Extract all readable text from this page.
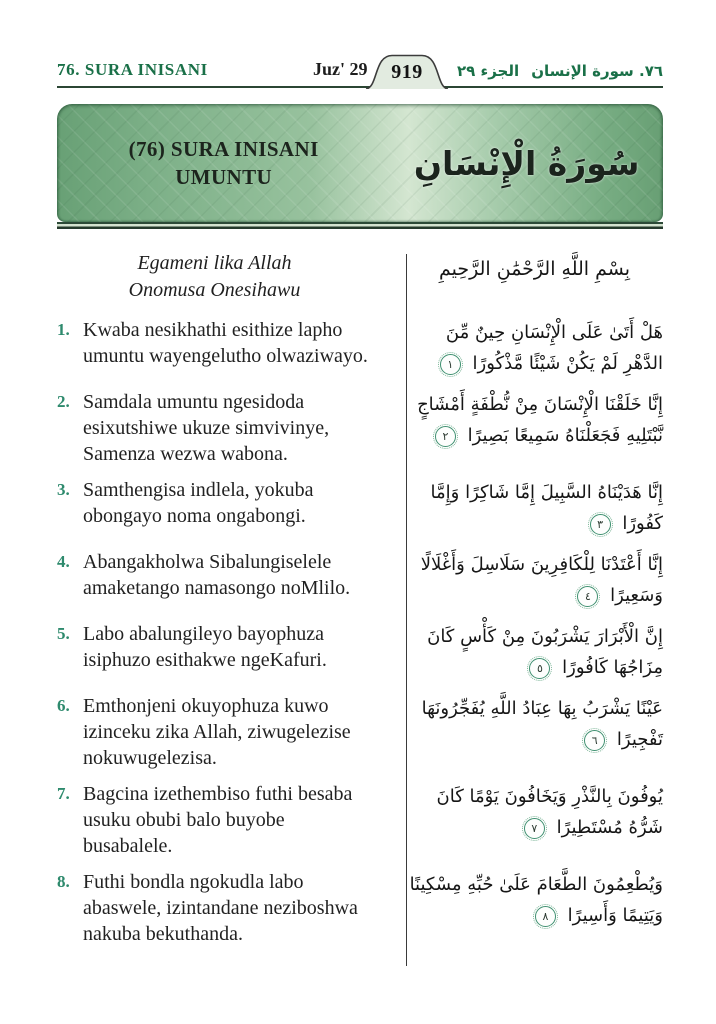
76. SURA INISANI	Juz' 29	919	الجزء ٢٩ ٧٦. سورة الإنسان
(76) SURA INISANI
UMUNTU	سُورَةُ الْإِنْسَانِ
Egameni lika Allah
Onomusa Onesihawu
بِسْمِ اللَّهِ الرَّحْمَٰنِ الرَّحِيمِ
1. Kwaba nesikhathi esithize lapho umuntu wayengelutho olwaziwayo.
هَلْ أَتَىٰ عَلَى الْإِنْسَانِ حِينٌ مِّنَ الدَّهْرِ لَمْ يَكُنْ شَيْئًا مَّذْكُورًا ١
2. Samdala umuntu ngesidoda esixutshiwe ukuze simvivinye, Samenza wezwa wabona.
إِنَّا خَلَقْنَا الْإِنْسَانَ مِنْ نُّطْفَةٍ أَمْشَاجٍ نَّبْتَلِيهِ فَجَعَلْنَاهُ سَمِيعًا بَصِيرًا ٢
3. Samthengisa indlela, yokuba obongayo noma ongabongi.
إِنَّا هَدَيْنَاهُ السَّبِيلَ إِمَّا شَاكِرًا وَإِمَّا كَفُورًا ٣
4. Abangakholwa Sibalungiselele amaketango namasongo noMlilo.
إِنَّا أَعْتَدْنَا لِلْكَافِرِينَ سَلَاسِلَ وَأَغْلَالًا وَسَعِيرًا ٤
5. Labo abalungileyo bayophuza isiphuzo esithakwe ngeKafuri.
إِنَّ الْأَبْرَارَ يَشْرَبُونَ مِنْ كَأْسٍ كَانَ مِزَاجُهَا كَافُورًا ٥
6. Emthonjeni okuyophuza kuwo izinceku zika Allah, ziwugelezise nokuwugelezisa.
عَيْنًا يَشْرَبُ بِهَا عِبَادُ اللَّهِ يُفَجِّرُونَهَا تَفْجِيرًا ٦
7. Bagcina izethembiso futhi besaba usuku obubi balo buyobe busabalele.
يُوفُونَ بِالنَّذْرِ وَيَخَافُونَ يَوْمًا كَانَ شَرُّهُ مُسْتَطِيرًا ٧
8. Futhi bondla ngokudla labo abaswele, izintandane neziboshwa nakuba bekuthanda.
وَيُطْعِمُونَ الطَّعَامَ عَلَىٰ حُبِّهِ مِسْكِينًا وَيَتِيمًا وَأَسِيرًا ٨
